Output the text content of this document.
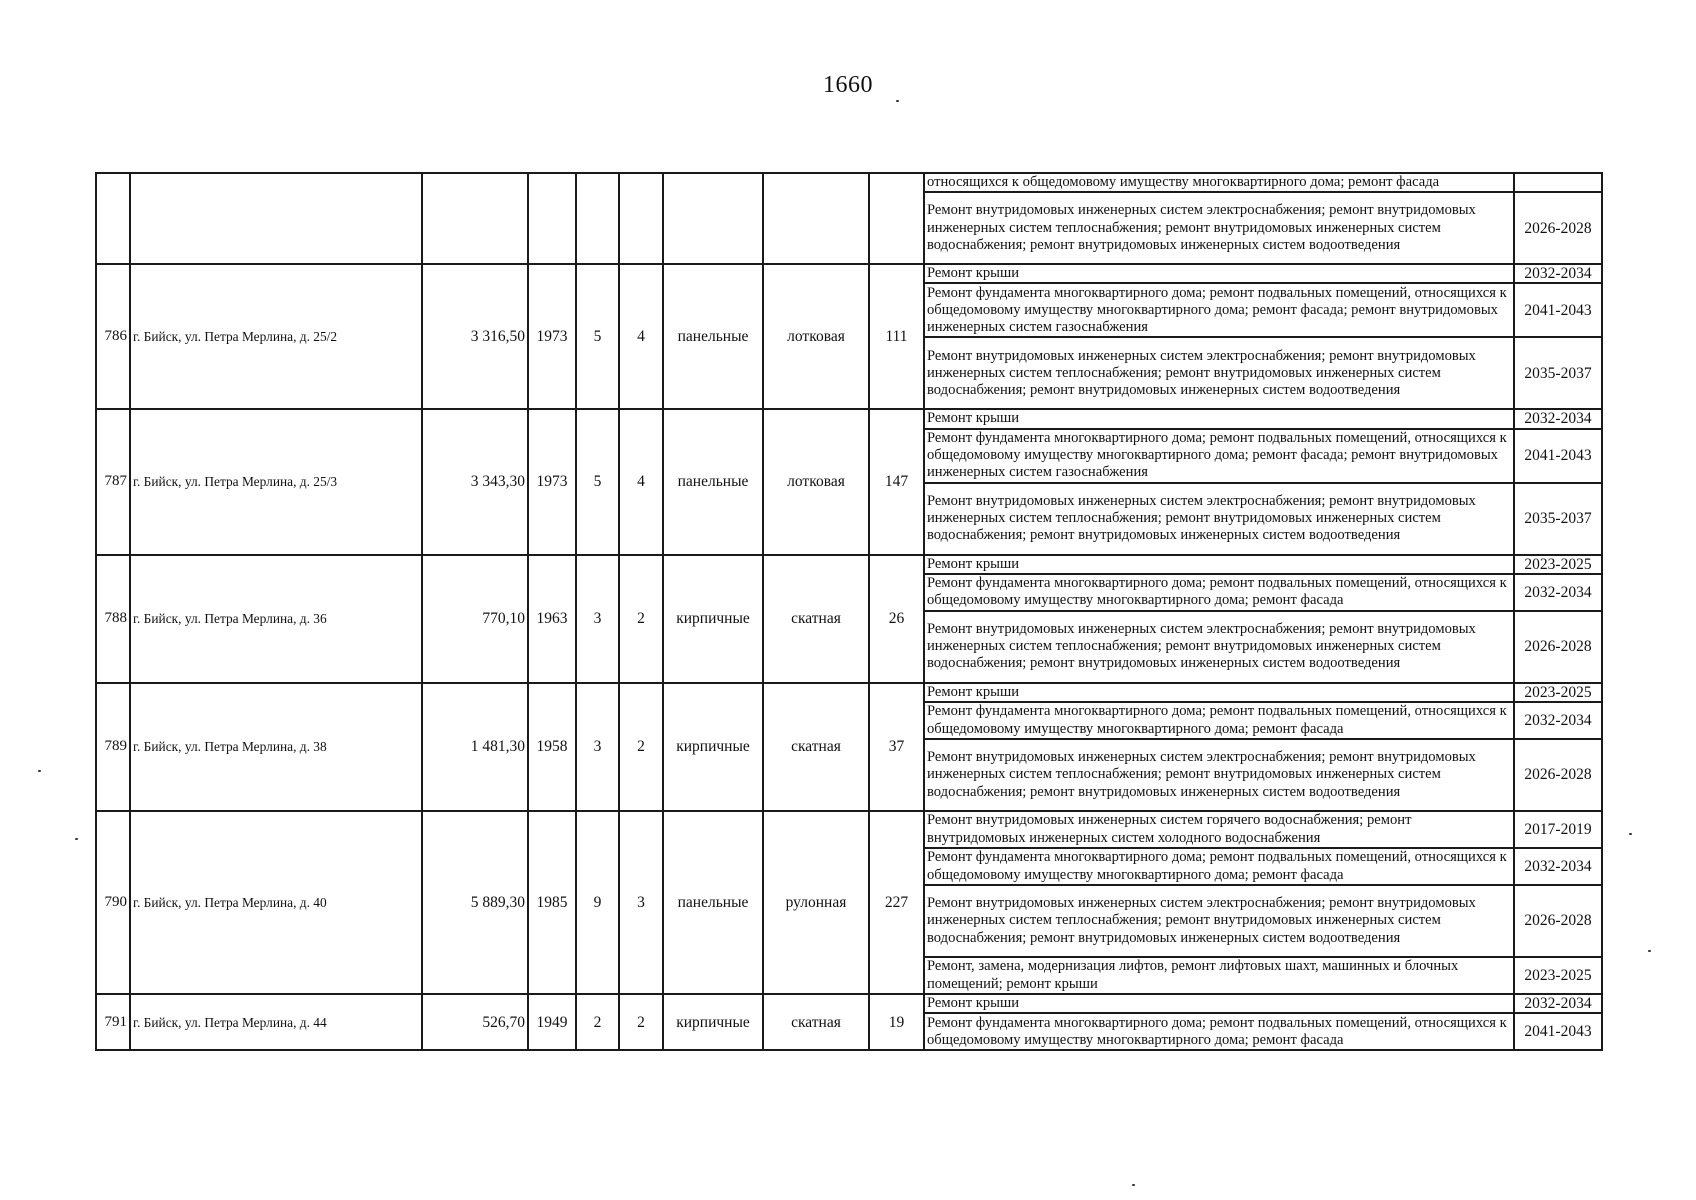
1660
									относящихся к общедомовому имуществу многоквартирного дома; ремонт фасада	
									Ремонт внутридомовых инженерных систем электроснабжения; ремонт внутридомовых инженерных систем теплоснабжения; ремонт внутридомовых инженерных систем водоснабжения; ремонт внутридомовых инженерных систем водоотведения	2026-2028
786	г. Бийск, ул. Петра Мерлина, д. 25/2	3 316,50	1973	5	4	панельные	лотковая	111	Ремонт крыши	2032-2034
									Ремонт фундамента многоквартирного дома; ремонт подвальных помещений, относящихся к общедомовому имуществу многоквартирного дома; ремонт фасада; ремонт внутридомовых инженерных систем газоснабжения	2041-2043
									Ремонт внутридомовых инженерных систем электроснабжения; ремонт внутридомовых инженерных систем теплоснабжения; ремонт внутридомовых инженерных систем водоснабжения; ремонт внутридомовых инженерных систем водоотведения	2035-2037
787	г. Бийск, ул. Петра Мерлина, д. 25/3	3 343,30	1973	5	4	панельные	лотковая	147	Ремонт крыши	2032-2034
									Ремонт фундамента многоквартирного дома; ремонт подвальных помещений, относящихся к общедомовому имуществу многоквартирного дома; ремонт фасада; ремонт внутридомовых инженерных систем газоснабжения	2041-2043
									Ремонт внутридомовых инженерных систем электроснабжения; ремонт внутридомовых инженерных систем теплоснабжения; ремонт внутридомовых инженерных систем водоснабжения; ремонт внутридомовых инженерных систем водоотведения	2035-2037
788	г. Бийск, ул. Петра Мерлина, д. 36	770,10	1963	3	2	кирпичные	скатная	26	Ремонт крыши	2023-2025
									Ремонт фундамента многоквартирного дома; ремонт подвальных помещений, относящихся к общедомовому имуществу многоквартирного дома; ремонт фасада	2032-2034
									Ремонт внутридомовых инженерных систем электроснабжения; ремонт внутридомовых инженерных систем теплоснабжения; ремонт внутридомовых инженерных систем водоснабжения; ремонт внутридомовых инженерных систем водоотведения	2026-2028
789	г. Бийск, ул. Петра Мерлина, д. 38	1 481,30	1958	3	2	кирпичные	скатная	37	Ремонт крыши	2023-2025
									Ремонт фундамента многоквартирного дома; ремонт подвальных помещений, относящихся к общедомовому имуществу многоквартирного дома; ремонт фасада	2032-2034
									Ремонт внутридомовых инженерных систем электроснабжения; ремонт внутридомовых инженерных систем теплоснабжения; ремонт внутридомовых инженерных систем водоснабжения; ремонт внутридомовых инженерных систем водоотведения	2026-2028
790	г. Бийск, ул. Петра Мерлина, д. 40	5 889,30	1985	9	3	панельные	рулонная	227	Ремонт внутридомовых инженерных систем горячего водоснабжения; ремонт внутридомовых инженерных систем холодного водоснабжения	2017-2019
									Ремонт фундамента многоквартирного дома; ремонт подвальных помещений, относящихся к общедомовому имуществу многоквартирного дома; ремонт фасада	2032-2034
									Ремонт внутридомовых инженерных систем электроснабжения; ремонт внутридомовых инженерных систем теплоснабжения; ремонт внутридомовых инженерных систем водоснабжения; ремонт внутридомовых инженерных систем водоотведения	2026-2028
									Ремонт, замена, модернизация лифтов, ремонт лифтовых шахт, машинных и блочных помещений; ремонт крыши	2023-2025
791	г. Бийск, ул. Петра Мерлина, д. 44	526,70	1949	2	2	кирпичные	скатная	19	Ремонт крыши	2032-2034
									Ремонт фундамента многоквартирного дома; ремонт подвальных помещений, относящихся к общедомовому имуществу многоквартирного дома; ремонт фасада	2041-2043
